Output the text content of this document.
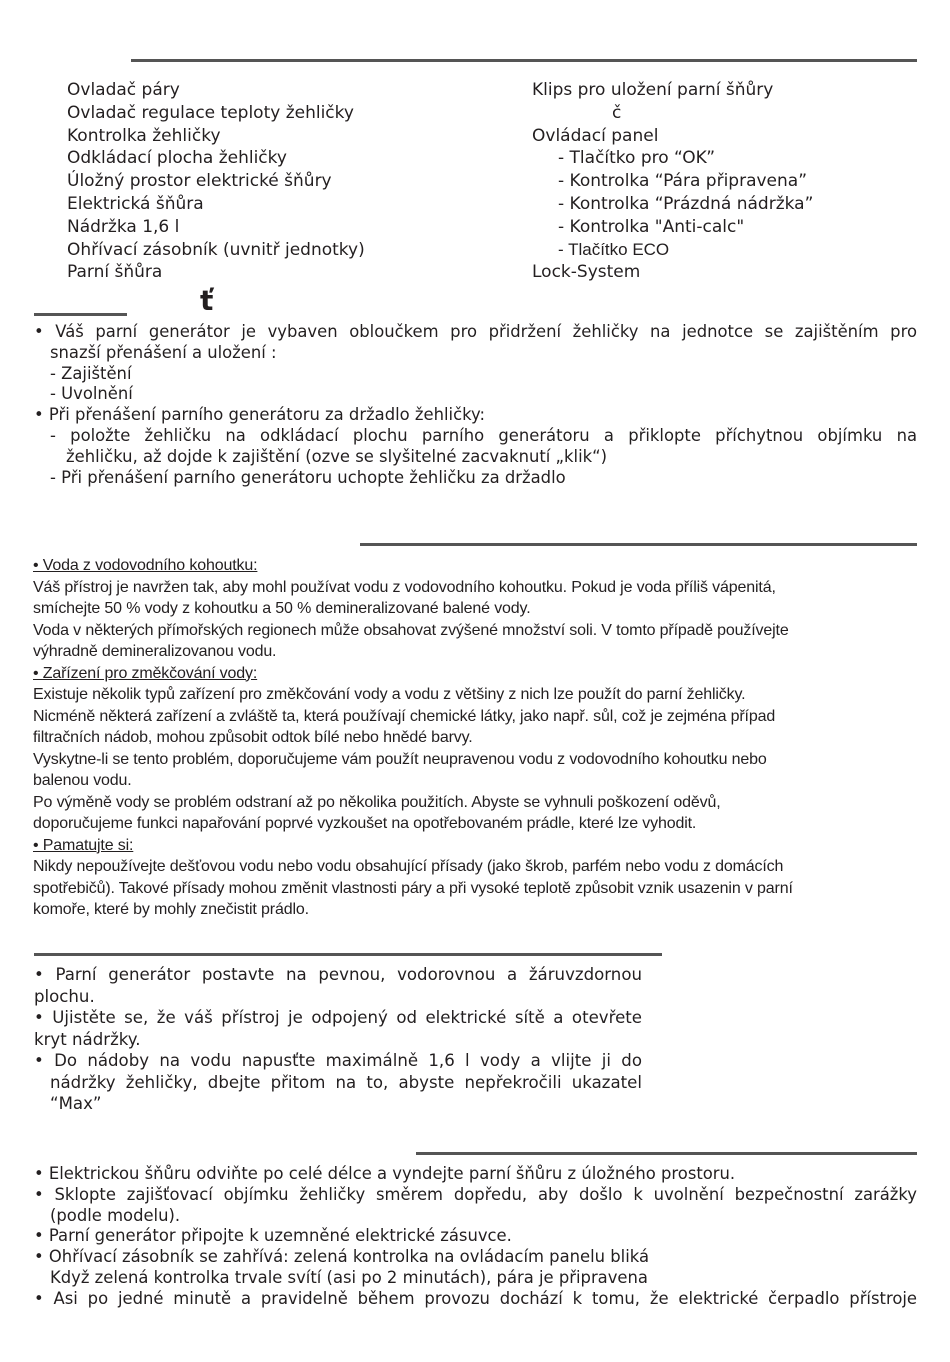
Ovladač páry
Ovladač regulace teploty žehličky
Kontrolka žehličky
Odkládací plocha žehličky
Úložný prostor elektrické šňůry
Elektrická šňůra
Nádržka 1,6 l
Ohřívací zásobník (uvnitř jednotky)
Parní šňůra
Klips pro uložení parní šňůry
č
Ovládací panel
- Tlačítko pro “OK”
- Kontrolka “Pára připravena”
- Kontrolka “Prázdná nádržka”
- Kontrolka "Anti-calc"
- Tlačítko ECO
Lock-System
ť
• Váš parní generátor je vybaven obloučkem pro přidržení žehličky na jednotce se zajištěním pro
snazší přenášení a uložení :
- Zajištění
- Uvolnění
• Při přenášení parního generátoru za držadlo žehličky:
- položte žehličku na odkládací plochu parního generátoru a přiklopte příchytnou objímku na
žehličku, až dojde k zajištění (ozve se slyšitelné zacvaknutí „klik“)
- Při přenášení parního generátoru uchopte žehličku za držadlo
• Voda z vodovodního kohoutku:
Váš přístroj je navržen tak, aby mohl používat vodu z vodovodního kohoutku. Pokud je voda příliš vápenitá,
smíchejte 50 % vody z kohoutku a 50 % demineralizované balené vody.
Voda v některých přímořských regionech může obsahovat zvýšené množství soli. V tomto případě používejte
výhradně demineralizovanou vodu.
• Zařízení pro změkčování vody:
Existuje několik typů zařízení pro změkčování vody a vodu z většiny z nich lze použít do parní žehličky.
Nicméně některá zařízení a zvláště ta, která používají chemické látky, jako např. sůl, což je zejména případ
filtračních nádob, mohou způsobit odtok bílé nebo hnědé barvy.
Vyskytne-li se tento problém, doporučujeme vám použít neupravenou vodu z vodovodního kohoutku nebo
balenou vodu.
Po výměně vody se problém odstraní až po několika použitích. Abyste se vyhnuli poškození oděvů,
doporučujeme funkci napařování poprvé vyzkoušet na opotřebovaném prádle, které lze vyhodit.
• Pamatujte si:
Nikdy nepoužívejte dešťovou vodu nebo vodu obsahující přísady (jako škrob, parfém nebo vodu z domácích
spotřebičů). Takové přísady mohou změnit vlastnosti páry a při vysoké teplotě způsobit vznik usazenin v parní
komoře, které by mohly znečistit prádlo.
• Parní generátor postavte na pevnou, vodorovnou a žáruvzdornou
plochu.
• Ujistěte se, že váš přístroj je odpojený od elektrické sítě a otevřete
kryt nádržky.
• Do nádoby na vodu napusťte maximálně 1,6 l vody a vlijte ji do
nádržky žehličky, dbejte přitom na to, abyste nepřekročili ukazatel
“Max”
• Elektrickou šňůru odviňte po celé délce a vyndejte parní šňůru z úložného prostoru.
• Sklopte zajišťovací objímku žehličky směrem dopředu, aby došlo k uvolnění bezpečnostní zarážky
(podle modelu).
• Parní generátor připojte k uzemněné elektrické zásuvce.
• Ohřívací zásobník se zahřívá: zelená kontrolka na ovládacím panelu bliká
Když zelená kontrolka trvale svítí (asi po 2 minutách), pára je připravena
• Asi po jedné minutě a pravidelně během provozu dochází k tomu, že elektrické čerpadlo přístroje
